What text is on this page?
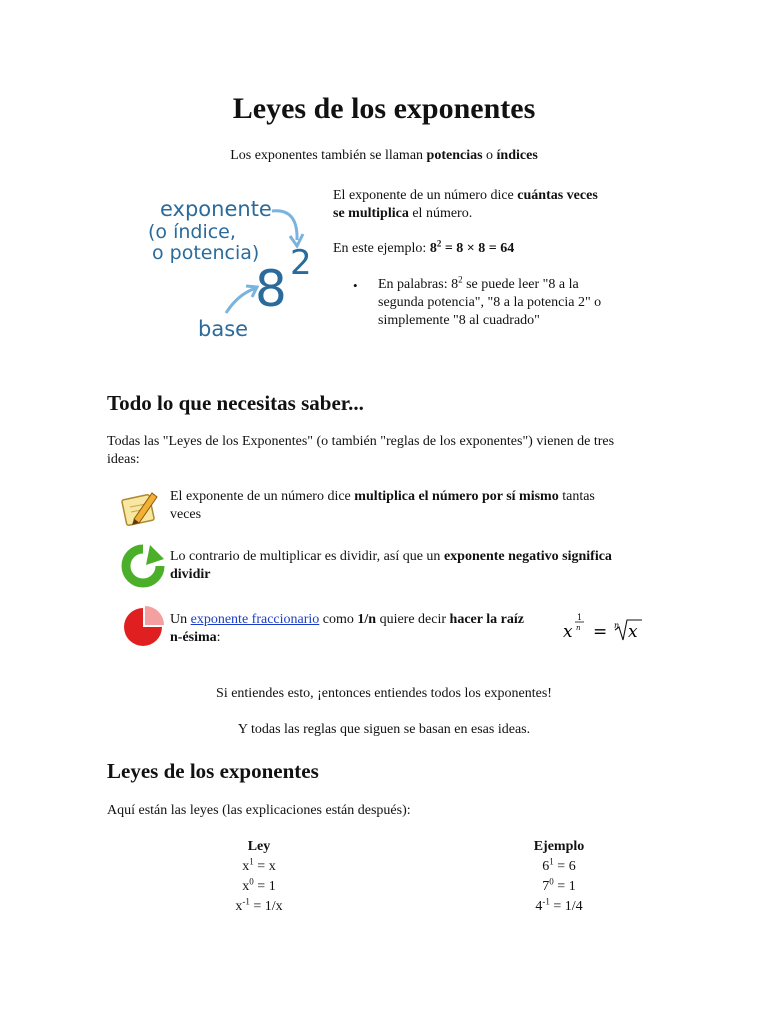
Leyes de los exponentes
Los exponentes también se llaman potencias o índices
exponente
(o índice,
o potencia)
8 2
base
El exponente de un número dice cuántas veces
se multiplica el número.
En este ejemplo: $8^2 = 8 \times 8 = 64$
• En palabras: $8^2$ se puede leer "8 a la
segunda potencia", "8 a la potencia 2" o
simplemente "8 al cuadrado"
Todo lo que necesitas saber...
Todas las "Leyes de los Exponentes" (o también "reglas de los exponentes") vienen de tres
ideas:
El exponente de un número dice multiplica el número por sí mismo tantas
veces
Lo contrario de multiplicar es dividir, así que un exponente negativo significa
dividir
Un exponente fraccionario como 1/n quiere decir hacer la raíz
n-ésima:	x
1
n = n x
Si entiendes esto, ¡entonces entiendes todos los exponentes!
Y todas las reglas que siguen se basan en esas ideas.
Leyes de los exponentes
Aquí están las leyes (las explicaciones están después):
Ley		Ejemplo
$x^1 = x$		$6^1 = 6$
$x^0 = 1$		$7^0 = 1$
$x^{-1} = 1/x$		$4^{-1} = 1/4$
